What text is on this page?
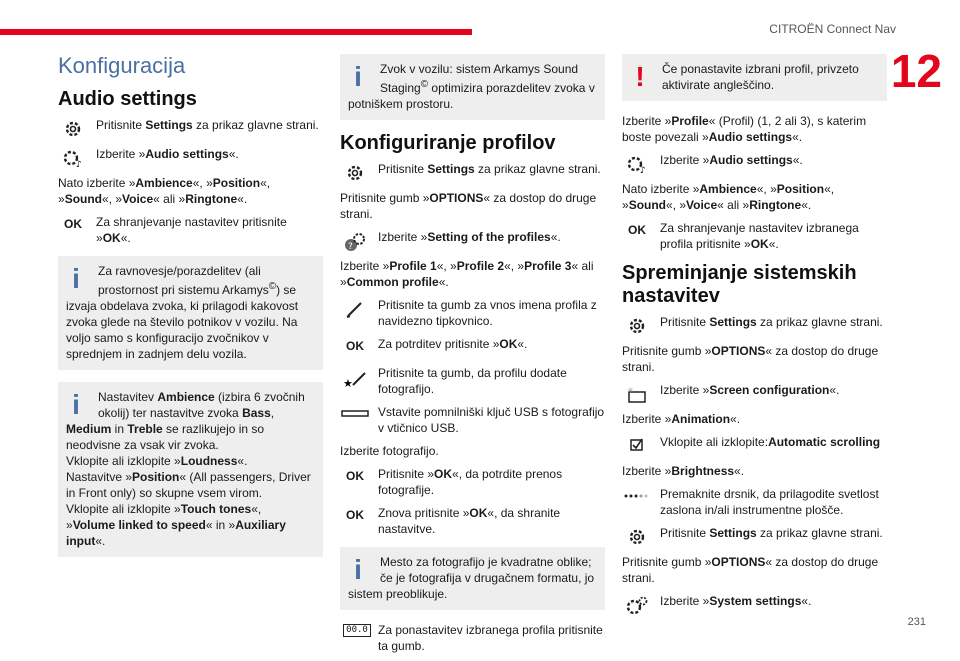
CITROËN Connect Nav
12
231
Konfiguracija
Audio settings
Pritisnite Settings za prikaz glavne strani.
♪
Izberite »Audio settings«.
Nato izberite »Ambience«, »Position«, »Sound«, »Voice« ali »Ringtone«.
OK	Za shranjevanje nastavitev pritisnite »OK«.
i	Za ravnovesje/porazdelitev (ali prostornost pri sistemu Arkamys©) se
izvaja obdelava zvoka, ki prilagodi kakovost zvoka glede na število potnikov v vozilu. Na voljo samo s konfiguracijo zvočnikov v sprednjem in zadnjem delu vozila.
i	Nastavitev Ambience (izbira 6 zvočnih okolij) ter nastavitve zvoka Bass,
Medium in Treble se razlikujejo in so neodvisne za vsak vir zvoka.
Vklopite ali izklopite »Loudness«.
Nastavitve »Position« (All passengers, Driver in Front only) so skupne vsem virom.
Vklopite ali izklopite »Touch tones«,
»Volume linked to speed« in »Auxiliary input«.
i	Zvok v vozilu: sistem Arkamys Sound Staging© optimizira porazdelitev zvoka v
potniškem prostoru.
Konfiguriranje profilov
Pritisnite Settings za prikaz glavne strani.
Pritisnite gumb »OPTIONS« za dostop do druge strani.
?
Izberite »Setting of the profiles«.
Izberite »Profile 1«, »Profile 2«, »Profile 3« ali »Common profile«.
Pritisnite ta gumb za vnos imena profila z navidezno tipkovnico.
OK	Za potrditev pritisnite »OK«.
★
Pritisnite ta gumb, da profilu dodate fotografijo.
Vstavite pomnilniški ključ USB s fotografijo v vtičnico USB.
Izberite fotografijo.
OK	Pritisnite »OK«, da potrdite prenos fotografije.
OK	Znova pritisnite »OK«, da shranite nastavitve.
i	Mesto za fotografijo je kvadratne oblike; če je fotografija v drugačnem formatu, jo
sistem preoblikuje.
00.0 Za ponastavitev izbranega profila pritisnite ta gumb.
! Če ponastavite izbrani profil, privzeto aktivirate angleščino.
Izberite »Profile« (Profil) (1, 2 ali 3), s katerim boste povezali »Audio settings«.
♪
Izberite »Audio settings«.
Nato izberite »Ambience«, »Position«, »Sound«, »Voice« ali »Ringtone«.
OK	Za shranjevanje nastavitev izbranega profila pritisnite »OK«.
Spreminjanje sistemskih nastavitev
Pritisnite Settings za prikaz glavne strani.
Pritisnite gumb »OPTIONS« za dostop do druge strani.
✳ Izberite »Screen configuration«.
Izberite »Animation«.
Vklopite ali izklopite:Automatic scrolling
Izberite »Brightness«.
Premaknite drsnik, da prilagodite svetlost zaslona in/ali instrumentne plošče.
Pritisnite Settings za prikaz glavne strani.
Pritisnite gumb »OPTIONS« za dostop do druge strani.
Izberite »System settings«.
